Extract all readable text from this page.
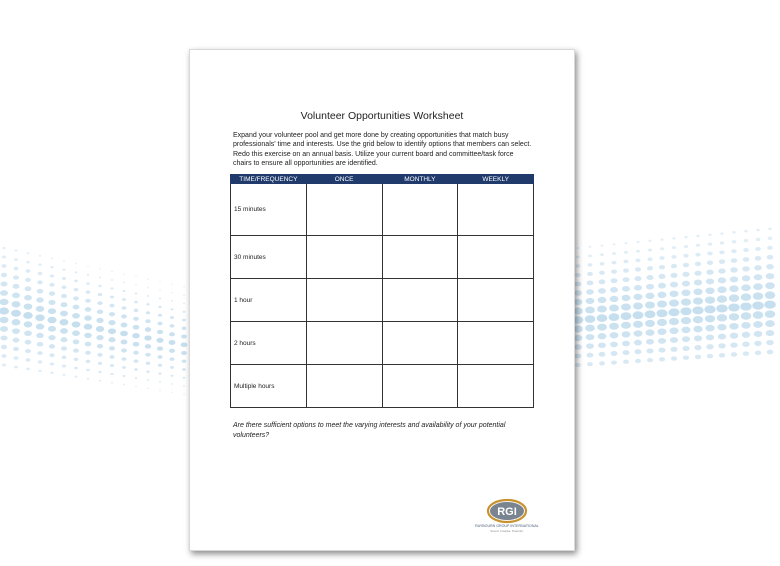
Volunteer Opportunities Worksheet
Expand your volunteer pool and get more done by creating opportunities that match busy professionals' time and interests. Use the grid below to identify options that members can select. Redo this exercise on an annual basis. Utilize your current board and committee/task force chairs to ensure all opportunities are identified.
TIME/FREQUENCY	ONCE	MONTHLY	WEEKLY
15 minutes			
30 minutes			
1 hour			
2 hours			
Multiple hours			
Are there sufficient options to meet the varying interests and availability of your potential volunteers?
RGI
RAYBOURN GROUP INTERNATIONAL
Sound. Creative. Powerful.
